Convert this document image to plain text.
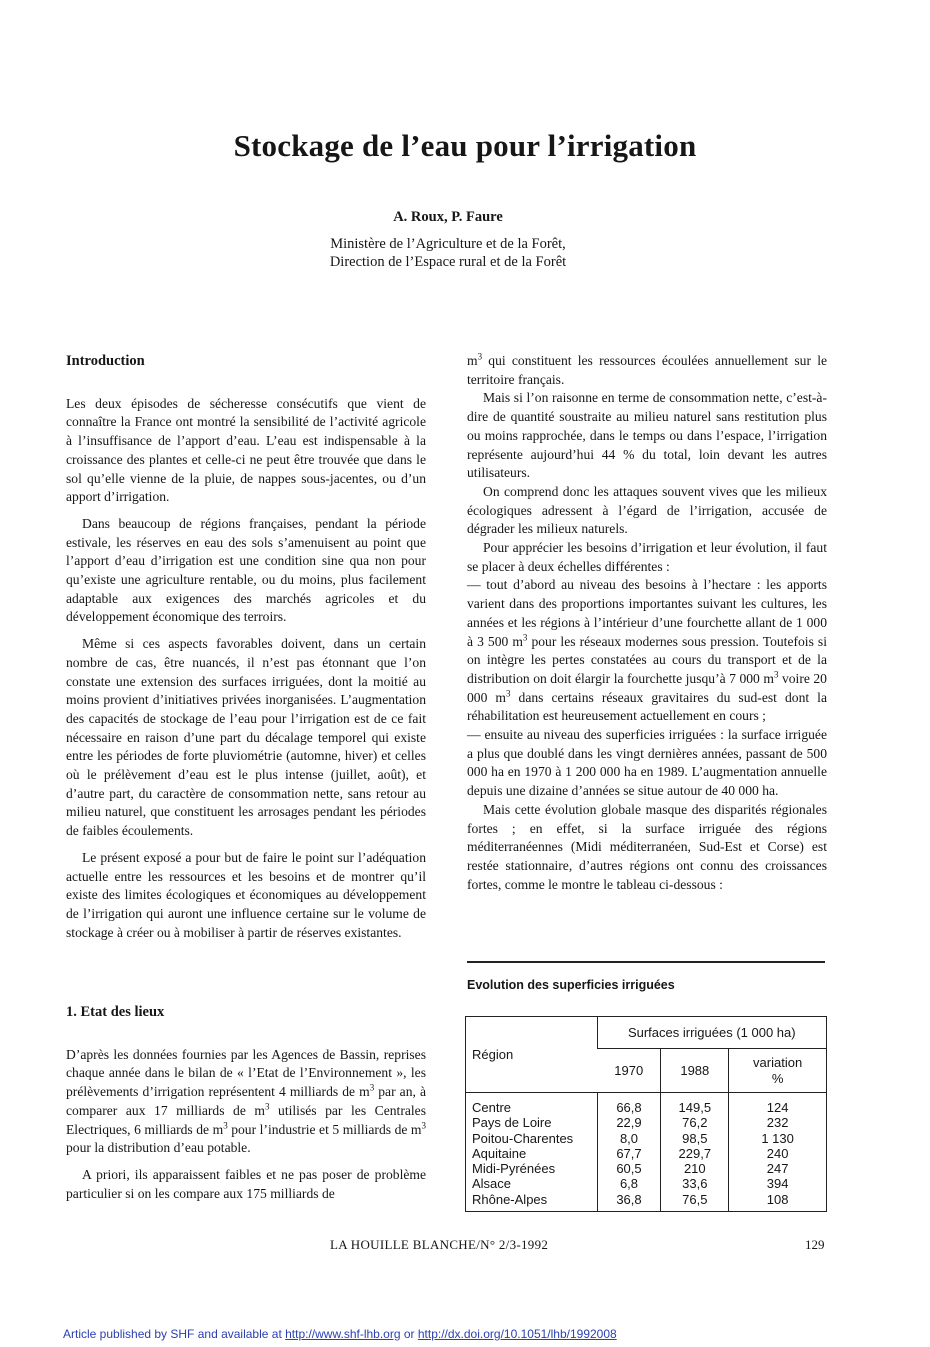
Stockage de l’eau pour l’irrigation
A. Roux, P. Faure
Ministère de l’Agriculture et de la Forêt,
Direction de l’Espace rural et de la Forêt
Introduction

Les deux épisodes de sécheresse consécutifs que vient de connaître la France ont montré la sensibilité de l’activité agricole à l’insuffisance de l’apport d’eau. L’eau est indispensable à la croissance des plantes et celle-ci ne peut être trouvée que dans le sol qu’elle vienne de la pluie, de nappes sous-jacentes, ou d’un apport d’irrigation.

Dans beaucoup de régions françaises, pendant la période estivale, les réserves en eau des sols s’amenuisent au point que l’apport d’eau d’irrigation est une condition sine qua non pour qu’existe une agriculture rentable, ou du moins, plus facilement adaptable aux exigences des marchés agricoles et du développement économique des terroirs.

Même si ces aspects favorables doivent, dans un certain nombre de cas, être nuancés, il n’est pas étonnant que l’on constate une extension des surfaces irriguées, dont la moitié au moins provient d’initiatives privées inorganisées. L’augmentation des capacités de stockage de l’eau pour l’irrigation est de ce fait nécessaire en raison d’une part du décalage temporel qui existe entre les périodes de forte pluviométrie (automne, hiver) et celles où le prélèvement d’eau est le plus intense (juillet, août), et d’autre part, du caractère de consommation nette, sans retour au milieu naturel, que constituent les arrosages pendant les périodes de faibles écoulements.

Le présent exposé a pour but de faire le point sur l’adéquation actuelle entre les ressources et les besoins et de montrer qu’il existe des limites écologiques et économiques au développement de l’irrigation qui auront une influence certaine sur le volume de stockage à créer ou à mobiliser à partir de réserves existantes.

1. Etat des lieux

D’après les données fournies par les Agences de Bassin, reprises chaque année dans le bilan de « l’Etat de l’Environnement », les prélèvements d’irrigation représentent 4 milliards de $m^3$ par an, à comparer aux 17 milliards de $m^3$ utilisés par les Centrales Electriques, 6 milliards de $m^3$ pour l’industrie et 5 milliards de $m^3$ pour la distribution d’eau potable.

A priori, ils apparaissent faibles et ne pas poser de problème particulier si on les compare aux 175 milliards de

$m^3$ qui constituent les ressources écoulées annuellement sur le territoire français.

Mais si l’on raisonne en terme de consommation nette, c’est-à-dire de quantité soustraite au milieu naturel sans restitution plus ou moins rapprochée, dans le temps ou dans l’espace, l’irrigation représente aujourd’hui 44 % du total, loin devant les autres utilisateurs.

On comprend donc les attaques souvent vives que les milieux écologiques adressent à l’égard de l’irrigation, accusée de dégrader les milieux naturels.

Pour apprécier les besoins d’irrigation et leur évolution, il faut se placer à deux échelles différentes :

— tout d’abord au niveau des besoins à l’hectare : les apports varient dans des proportions importantes suivant les cultures, les années et les régions à l’intérieur d’une fourchette allant de 1 000 à 3 500 $m^3$ pour les réseaux modernes sous pression. Toutefois si on intègre les pertes constatées au cours du transport et de la distribution on doit élargir la fourchette jusqu’à 7 000 $m^3$ voire 20 000 $m^3$ dans certains réseaux gravitaires du sud-est dont la réhabilitation est heureusement actuellement en cours ;

— ensuite au niveau des superficies irriguées : la surface irriguée a plus que doublé dans les vingt dernières années, passant de 500 000 ha en 1970 à 1 200 000 ha en 1989. L’augmentation annuelle depuis une dizaine d’années se situe autour de 40 000 ha.

Mais cette évolution globale masque des disparités régionales fortes ; en effet, si la surface irriguée des régions méditerranéennes (Midi méditerranéen, Sud-Est et Corse) est restée stationnaire, d’autres régions ont connu des croissances fortes, comme le montre le tableau ci-dessous :

Evolution des superficies irriguées
Région	Surfaces irriguées (1 000 ha)		
	1970	1988	variation
%

Centre	66,8	149,5	124
Pays de Loire	22,9	76,2	232
Poitou-Charentes	8,0	98,5	1 130
Aquitaine	67,7	229,7	240
Midi-Pyrénées	60,5	210	247
Alsace	6,8	33,6	394
Rhône-Alpes	36,8	76,5	108
LA HOUILLE BLANCHE/N° 2/3-1992	129
Article published by SHF and available at http://www.shf-lhb.org or http://dx.doi.org/10.1051/lhb/1992008
